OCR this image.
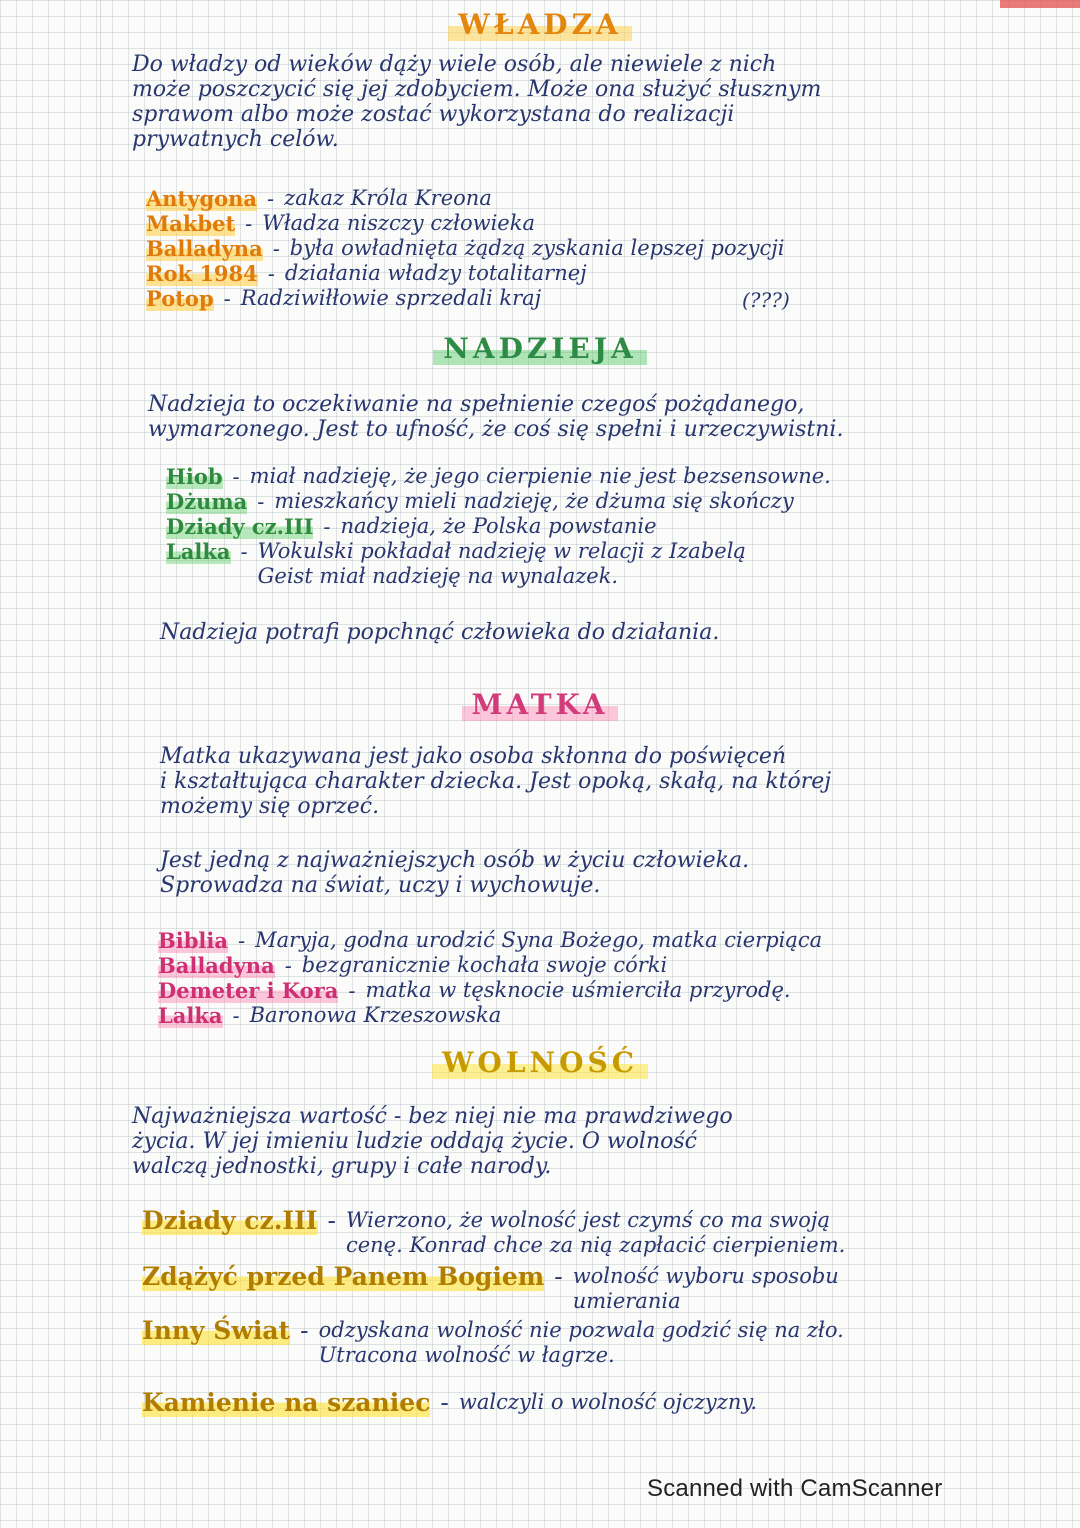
WŁADZA
Do władzy od wieków dąży wiele osób, ale niewiele z nich
może poszczycić się jej zdobyciem. Może ona służyć słusznym
sprawom albo może zostać wykorzystana do realizacji
prywatnych celów.
Antygona - zakaz Króla Kreona
Makbet - Władza niszczy człowieka
Balladyna - była owładnięta żądzą zyskania lepszej pozycji
Rok 1984 - działania władzy totalitarnej
Potop - Radziwiłłowie sprzedali kraj	(???)
NADZIEJA
Nadzieja to oczekiwanie na spełnienie czegoś pożądanego,
wymarzonego. Jest to ufność, że coś się spełni i urzeczywistni.
Hiob - miał nadzieję, że jego cierpienie nie jest bezsensowne.
Dżuma - mieszkańcy mieli nadzieję, że dżuma się skończy
Dziady cz.III - nadzieja, że Polska powstanie
Lalka - Wokulski pokładał nadzieję w relacji z Izabelą
Geist miał nadzieję na wynalazek.
Nadzieja potrafi popchnąć człowieka do działania.
MATKA
Matka ukazywana jest jako osoba skłonna do poświęceń
i kształtująca charakter dziecka. Jest opoką, skałą, na której
możemy się oprzeć.
Jest jedną z najważniejszych osób w życiu człowieka.
Sprowadza na świat, uczy i wychowuje.
Biblia - Maryja, godna urodzić Syna Bożego, matka cierpiąca
Balladyna - bezgranicznie kochała swoje córki
Demeter i Kora - matka w tęsknocie uśmierciła przyrodę.
Lalka - Baronowa Krzeszowska
WOLNOŚĆ
Najważniejsza wartość - bez niej nie ma prawdziwego
życia. W jej imieniu ludzie oddają życie. O wolność
walczą jednostki, grupy i całe narody.
Dziady cz.III - Wierzono, że wolność jest czymś co ma swoją
cenę. Konrad chce za nią zapłacić cierpieniem.
Zdążyć przed Panem Bogiem - wolność wyboru sposobu
umierania
Inny Świat - odzyskana wolność nie pozwala godzić się na zło.
Utracona wolność w łagrze.
Kamienie na szaniec - walczyli o wolność ojczyzny.
Scanned with CamScanner
